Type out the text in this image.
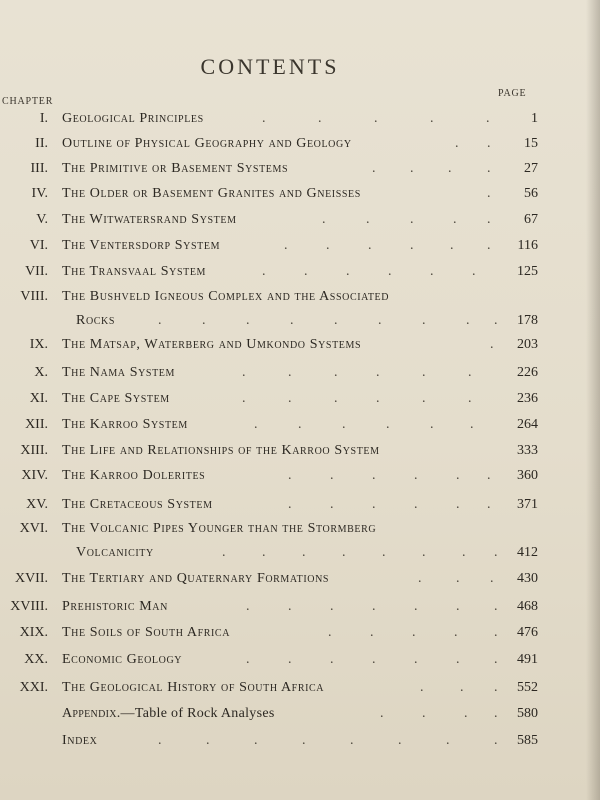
CONTENTS
CHAPTER
PAGE
I. Geological Principles	.	.	.	.	.	1
II. Outline of Physical Geography and Geology	. . 15
III. The Primitive or Basement Systems	. . .	. 27
IV. The Older or Basement Granites and Gneisses	. 56
V. The Witwatersrand System	.	.	.	. . 67
VI. The Ventersdorp System	.	.	.	.	. . 116
VII. The Transvaal System	.	.	.	.	.	.	125
VIII. The Bushveld Igneous Complex and the Associated
Rocks	.	.	.	.	.	.	.	. . 178
IX. The Matsap, Waterberg and Umkondo Systems	. 203
X. The Nama System	.	.	.	.	.	.	226
XI. The Cape System	.	.	.	.	.	.	236
XII. The Karroo System	.	.	.	.	.	.	264
XIII. The Life and Relationships of the Karroo System	333
XIV. The Karroo Dolerites	.	.	.	.	. . 360
XV. The Cretaceous System	.	.	.	.	. . 371
XVI. The Volcanic Pipes Younger than the Stormberg
Volcanicity	.	.	.	.	.	.	. . 412
XVII. The Tertiary and Quaternary Formations	. . . 430
XVIII. Prehistoric Man	.	.	.	.	.	. . 468
XIX. The Soils of South Africa	.	.	.	.	. 476
XX. Economic Geology	.	.	.	.	.	. . 491
XXI. The Geological History of South Africa	.	. . 552
Appendix.—Table of Rock Analyses	.	.	. . 580
Index	.	.	.	.	.	.	.	. 585
